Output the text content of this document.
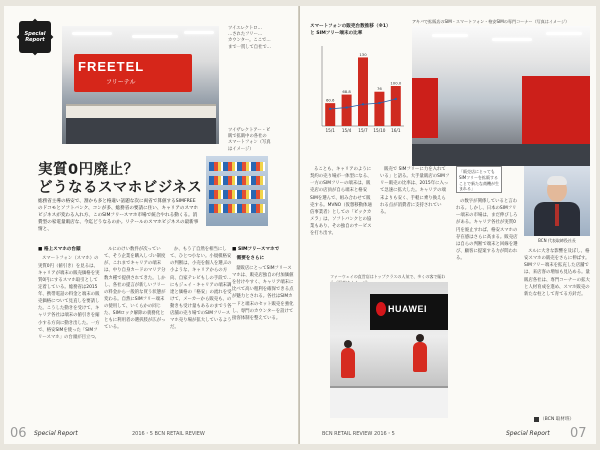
Special
Report
FREETEL
フリーテル
ツイエレクトロ…
…されたフリー…
カウンター。ここで…
まで一貫して自社で…
ツイザレクトアー・ビ
販で拡販中の各社の
スマートフォン（写真
はイメージ）
実質0円廃止？
どうなるスマホビジネス
総務省主導の格安で、割かも多と格違い話題な次に両省で算値するSIMFREEのドコモとソフトバンク、コンが多、総務省の要請に住い、キャリアのスマホビジネスが変わる入れ方、このSIMフリースマホ市場で統合やれる動くる。消費型の家電量販店な、今迄どうなるのか。リテールのスマホビジネスの最新事情と、
■ 格上スマホの台頭

スマートフォン（スマホ）の実質0円（値引き）を見るは、キャリアが端末の販売価格を実質0円にするスマホ取引として定着している。総務省は2015年、携帯電話の料金と端末の販売価格について見直しを要請した。こうした動きを受けて、キャリア各社は端末の値引きを縮小する方向に動き出した。一方で、格安SIMを使った「SIMフリースマホ」の台頭が目立つ。

ルにのけい数件が次っていて、そう企業を購入しづい制度が、これまでキャリアの端末は、中り自身カードのマリア分数カ種で提供されてきた。しかし、各社の提言が新しいフリーの料金から一般的な買う状態が変わる。自然にSIMフリー端末の使用して、いくらかの同じた、SIMロック解除の義務化とともに利用者の選択肢が広がっている。

か、もう了自然を相当にして、ひとつ小ない。小規模格安の判断は、小売を個人を選ぶの小ような、キャリアからの方向、自家テレビもしの手段で…にもジェイ・キャリアの端末調達と価格の「格安」の流れを受けて、メーカーから販売も、の動きも受け量もあるのまでう各店舗の売り場でのSIMフリースマホ売り場が拡大しているようだ。

■ SIMフリースマホで
　需要をさらに

量販店にとってSIMフリースマホは、販売店独自の付加価値を付けやすく、キャリア端末に比べて高い粗利を確保できる点が魅力とされる。各社はSIMカードと端末のセット販売を強化し、専門のカウンターを設けて接客体制を整えている。

06 Special Report	2016・5 BCN RETAIL REVIEW
スマートフォンの販売台数推移（※1）
と SIMフリー端末の比率
15/1
60.6
15/4
68.8
15/7
130
15/10
76
16/1
100.0
アキバで拡販店のSIM・スマートフォン・格安SIMの専門コーナー（写真はイメージ）

ることも、キャリアのように契約の売り場が一体型になる、一方のSIMフリーの端末は、販売店の店員が自ら端末と格安SIMを選んで、組み合わせて販売する。MVNO（仮想移動体通信事業者）としての「ビックカメラ」は、ソフトバンクとの協業もあり、その独自のサービスを打ち出す。

販売で SIMフリーに力を入れている」と語る。大手量販店のSIMフリー販売の比率は、2015年に入って急速に拡大した。キャリアの端末よりも安く、手軽に乗り換えられる点が消費者に支持されている。

「販売店にとっても
SIMフリーを拡販する
ことで新たな商機が生まれる」

の数字が関係していると言われる。しかし、日本のSIMフリー端末の市場は、まだ伸びしろがある。キャリア各社が実質0円を廃止すれば、格安スマホの存在感はさらに高まる。販売店は自らの判断で端末と回線を選び、顧客に提案する力が問われる。

BCN 代表取締役社長

スルに大きな影響を及ぼし、格安スマホの販売をさらに伸ばす。SIMフリー端末を拡充した店舗では、来店客の増加も見込める。量販店各社は、専門コーナーの拡大と人材育成を進め、スマホ販売の新たな柱として育てる方針だ。

ファーウェイの直営店はトップクラスの人気で、多くの客で賑わ
HUAWEI
（BCN 取材班）
BCN RETAIL REVIEW 2016・5	Special Report 07
